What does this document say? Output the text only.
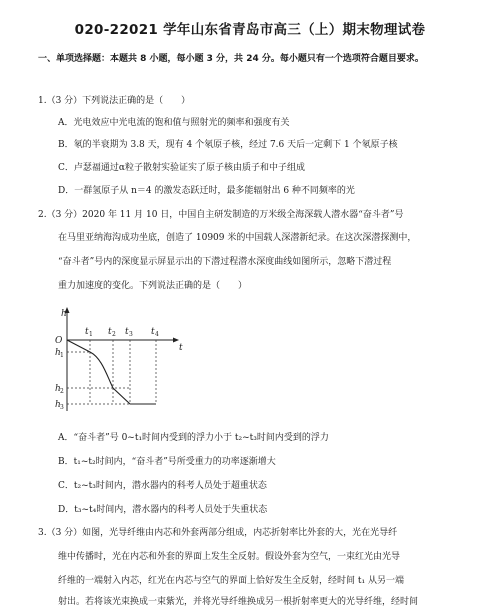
020-22021 学年山东省青岛市高三（上）期末物理试卷
一、单项选择题：本题共 8 小题，每小题 3 分，共 24 分。每小题只有一个选项符合题目要求。
1.（3 分）下列说法正确的是（　　）
A．光电效应中光电流的饱和值与照射光的频率和强度有关
B．氡的半衰期为 3.8 天，现有 4 个氡原子核，经过 7.6 天后一定剩下 1 个氡原子核
C．卢瑟福通过α粒子散射实验证实了原子核由质子和中子组成
D．一群氢原子从 n＝4 的激发态跃迁时，最多能辐射出 6 种不同频率的光
2.（3 分）2020 年 11 月 10 日，中国自主研发制造的万米级全海深载人潜水器“奋斗者”号
在马里亚纳海沟成功坐底，创造了 10909 米的中国载人深潜新纪录。在这次深潜探测中，
“奋斗者”号内的深度显示屏显示出的下潜过程潜水深度曲线如图所示，忽略下潜过程
重力加速度的变化。下列说法正确的是（　　）
h
t
O
t 1 t 2 t 3 t 4
h 1
h 2
h 3
A．“奋斗者”号 0~t₁时间内受到的浮力小于 t₂~t₃时间内受到的浮力
B．t₁~t₂时间内，“奋斗者”号所受重力的功率逐渐增大
C．t₂~t₃时间内，潜水器内的科考人员处于超重状态
D．t₃~t₄时间内，潜水器内的科考人员处于失重状态
3.（3 分）如图，光导纤维由内芯和外套两部分组成，内芯折射率比外套的大，光在光导纤
维中传播时，光在内芯和外套的界面上发生全反射。假设外套为空气，一束红光由光导
纤维的一端射入内芯，红光在内芯与空气的界面上恰好发生全反射，经时间 t₁ 从另一端
射出。若将该光束换成一束紫光，并将光导纤维换成另一根折射率更大的光导纤维，经时间
